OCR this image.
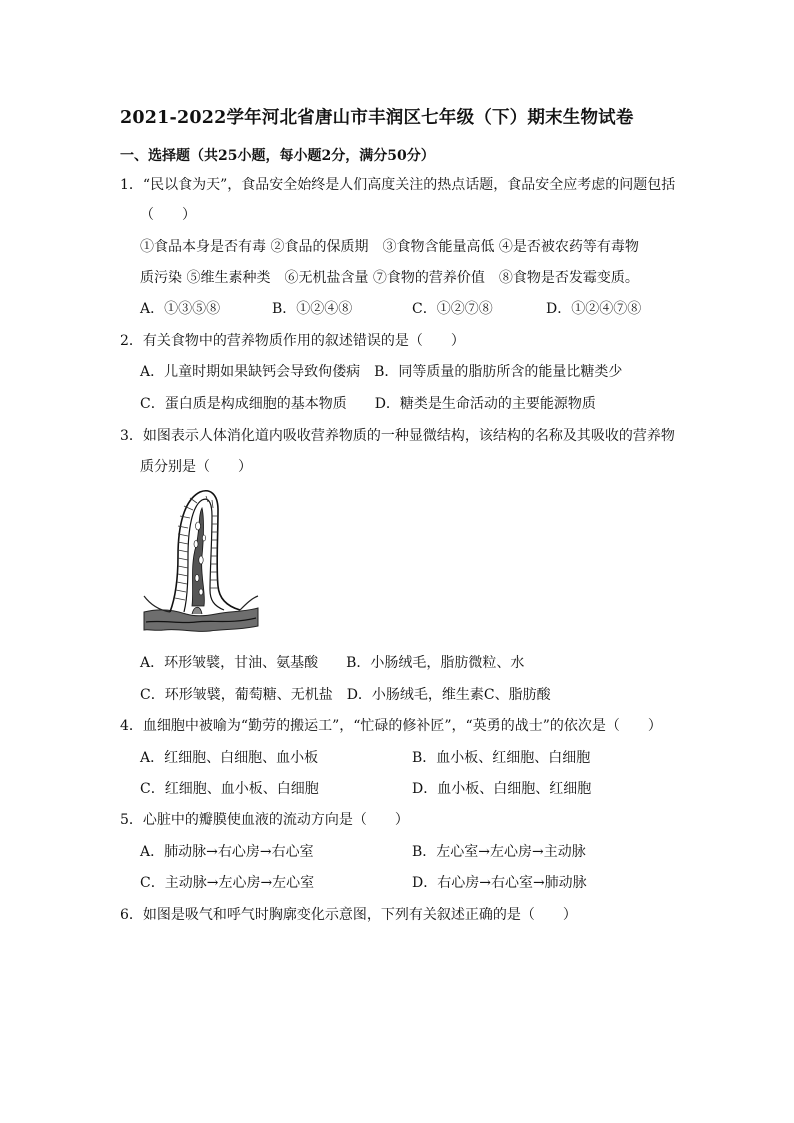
2021-2022学年河北省唐山市丰润区七年级（下）期末生物试卷
一、选择题（共25小题，每小题2分，满分50分）
1．“民以食为天”，食品安全始终是人们高度关注的热点话题，食品安全应考虑的问题包括
（　　）
①食品本身是否有毒 ②食品的保质期　③食物含能量高低 ④是否被农药等有毒物
质污染 ⑤维生素种类　⑥无机盐含量 ⑦食物的营养价值　⑧食物是否发霉变质。
A．①③⑤⑧	B．①②④⑧	C．①②⑦⑧	D．①②④⑦⑧
2．有关食物中的营养物质作用的叙述错误的是（　　）
A．儿童时期如果缺钙会导致佝偻病　B．同等质量的脂肪所含的能量比糖类少
C．蛋白质是构成细胞的基本物质　　D．糖类是生命活动的主要能源物质
3．如图表示人体消化道内吸收营养物质的一种显微结构，该结构的名称及其吸收的营养物
质分别是（　　）
A．环形皱襞，甘油、氨基酸　　B．小肠绒毛，脂肪微粒、水
C．环形皱襞，葡萄糖、无机盐　D．小肠绒毛，维生素C、脂肪酸
4．血细胞中被喻为“勤劳的搬运工”，“忙碌的修补匠”，“英勇的战士”的依次是（　　）
A．红细胞、白细胞、血小板	B．血小板、红细胞、白细胞
C．红细胞、血小板、白细胞	D．血小板、白细胞、红细胞
5．心脏中的瓣膜使血液的流动方向是（　　）
A．肺动脉→右心房→右心室	B．左心室→左心房→主动脉
C．主动脉→左心房→左心室	D．右心房→右心室→肺动脉
6．如图是吸气和呼气时胸廓变化示意图，下列有关叙述正确的是（　　）
